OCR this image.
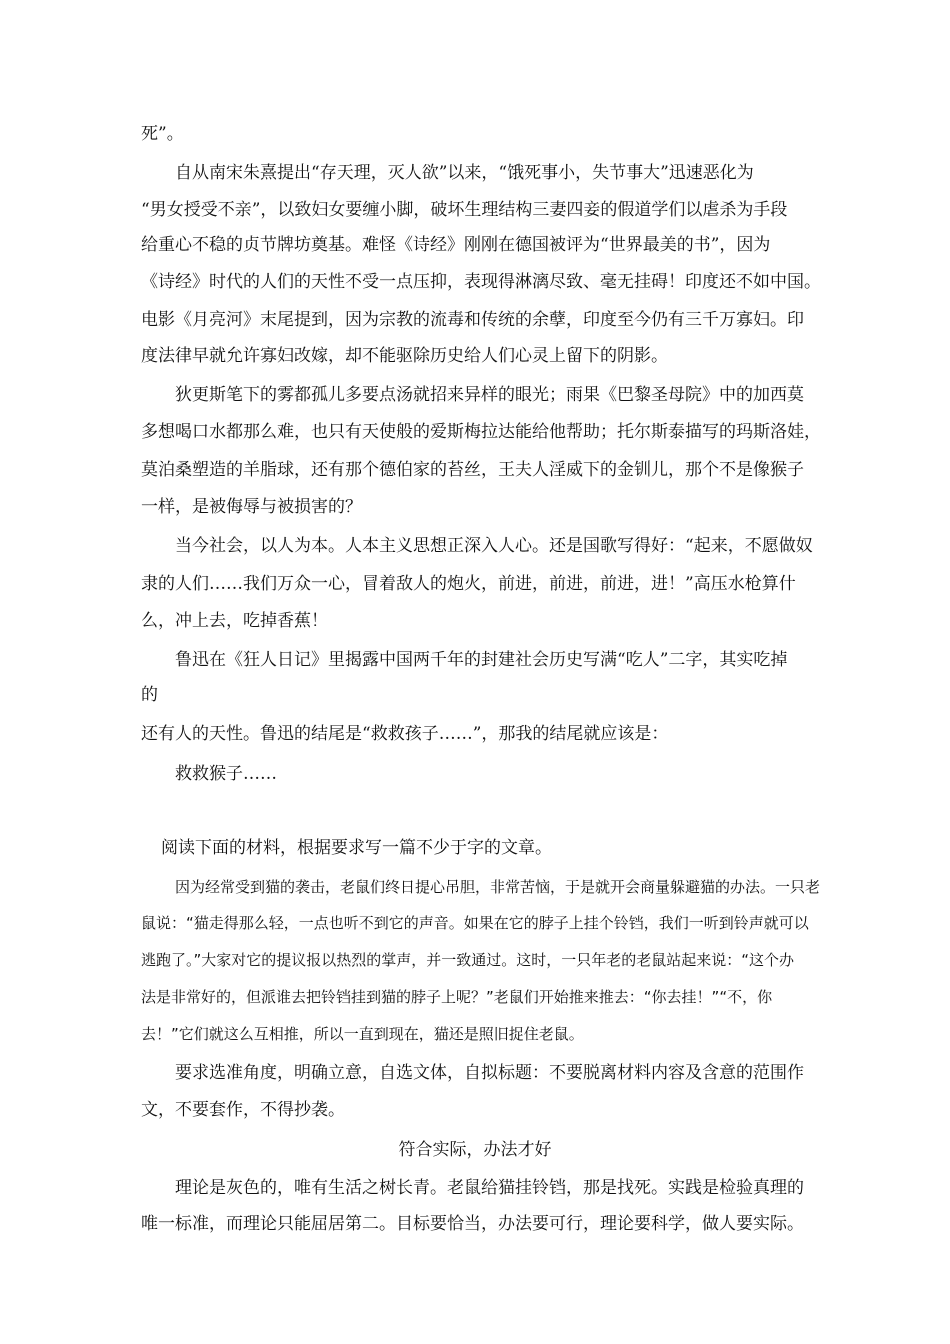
死”。
自从南宋朱熹提出“存天理，灭人欲”以来，“饿死事小，失节事大”迅速恶化为
“男女授受不亲”，以致妇女要缠小脚，破坏生理结构三妻四妾的假道学们以虐杀为手段
给重心不稳的贞节牌坊奠基。难怪《诗经》刚刚在德国被评为“世界最美的书”，因为
《诗经》时代的人们的天性不受一点压抑，表现得淋漓尽致、毫无挂碍！印度还不如中国。
电影《月亮河》末尾提到，因为宗教的流毒和传统的余孽，印度至今仍有三千万寡妇。印
度法律早就允许寡妇改嫁，却不能驱除历史给人们心灵上留下的阴影。
狄更斯笔下的雾都孤儿多要点汤就招来异样的眼光；雨果《巴黎圣母院》中的加西莫
多想喝口水都那么难，也只有天使般的爱斯梅拉达能给他帮助；托尔斯泰描写的玛斯洛娃，
莫泊桑塑造的羊脂球，还有那个德伯家的苔丝，王夫人淫威下的金钏儿，那个不是像猴子
一样，是被侮辱与被损害的？
当今社会，以人为本。人本主义思想正深入人心。还是国歌写得好：“起来，不愿做奴
隶的人们……我们万众一心，冒着敌人的炮火，前进，前进，前进，进！”高压水枪算什
么，冲上去，吃掉香蕉！
鲁迅在《狂人日记》里揭露中国两千年的封建社会历史写满“吃人”二字，其实吃掉
的
还有人的天性。鲁迅的结尾是“救救孩子……”，那我的结尾就应该是：
救救猴子……
阅读下面的材料，根据要求写一篇不少于字的文章。
因为经常受到猫的袭击，老鼠们终日提心吊胆，非常苦恼，于是就开会商量躲避猫的办法。一只老
鼠说：“猫走得那么轻，一点也听不到它的声音。如果在它的脖子上挂个铃铛，我们一听到铃声就可以
逃跑了。”大家对它的提议报以热烈的掌声，并一致通过。这时，一只年老的老鼠站起来说：“这个办
法是非常好的，但派谁去把铃铛挂到猫的脖子上呢？”老鼠们开始推来推去：“你去挂！”“不，你
去！”它们就这么互相推，所以一直到现在，猫还是照旧捉住老鼠。
要求选准角度，明确立意，自选文体，自拟标题：不要脱离材料内容及含意的范围作
文，不要套作，不得抄袭。
符合实际，办法才好
理论是灰色的，唯有生活之树长青。老鼠给猫挂铃铛，那是找死。实践是检验真理的
唯一标准，而理论只能屈居第二。目标要恰当，办法要可行，理论要科学，做人要实际。
